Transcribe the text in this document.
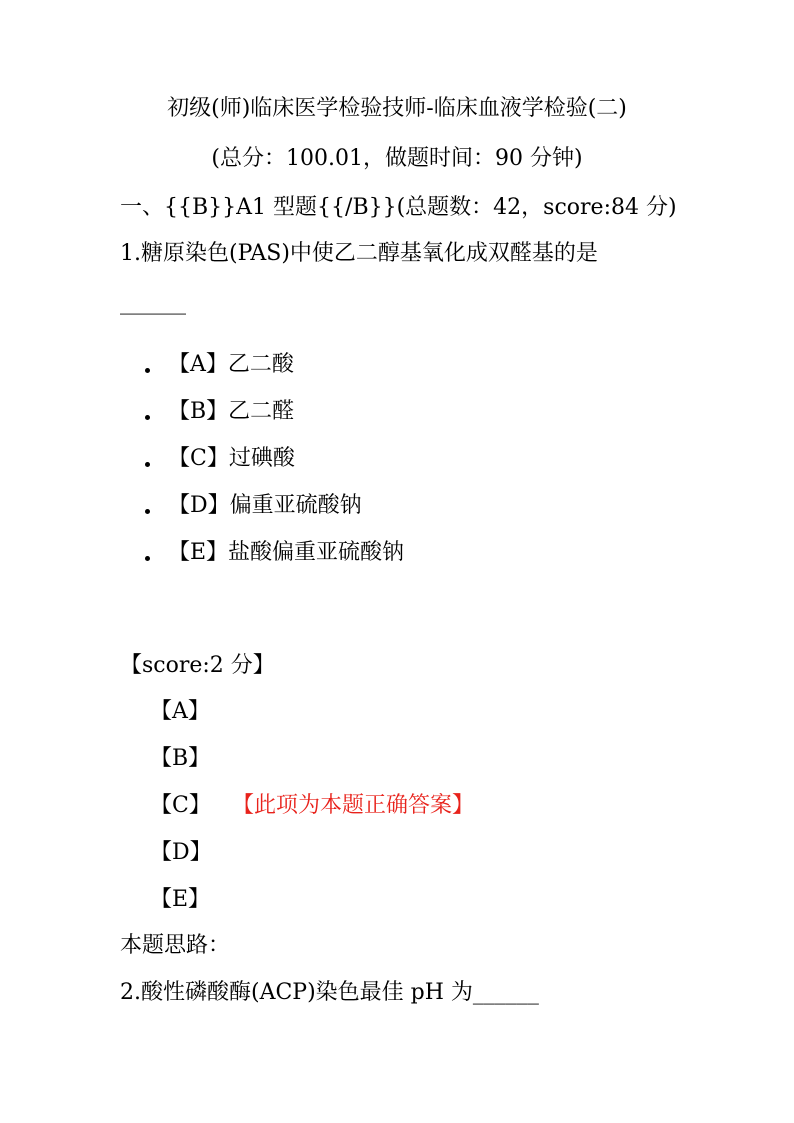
初级(师)临床医学检验技师-临床血液学检验(二)
(总分：100.01，做题时间：90 分钟)
一、{{B}}A1 型题{{/B}}(总题数：42，score:84 分)
1.糖原染色(PAS)中使乙二醇基氧化成双醛基的是
______
【A】乙二酸
【B】乙二醛
【C】过碘酸
【D】偏重亚硫酸钠
【E】盐酸偏重亚硫酸钠
【score:2 分】
【A】
【B】
【C】 【此项为本题正确答案】
【D】
【E】
本题思路：
2.酸性磷酸酶(ACP)染色最佳 pH 为______
